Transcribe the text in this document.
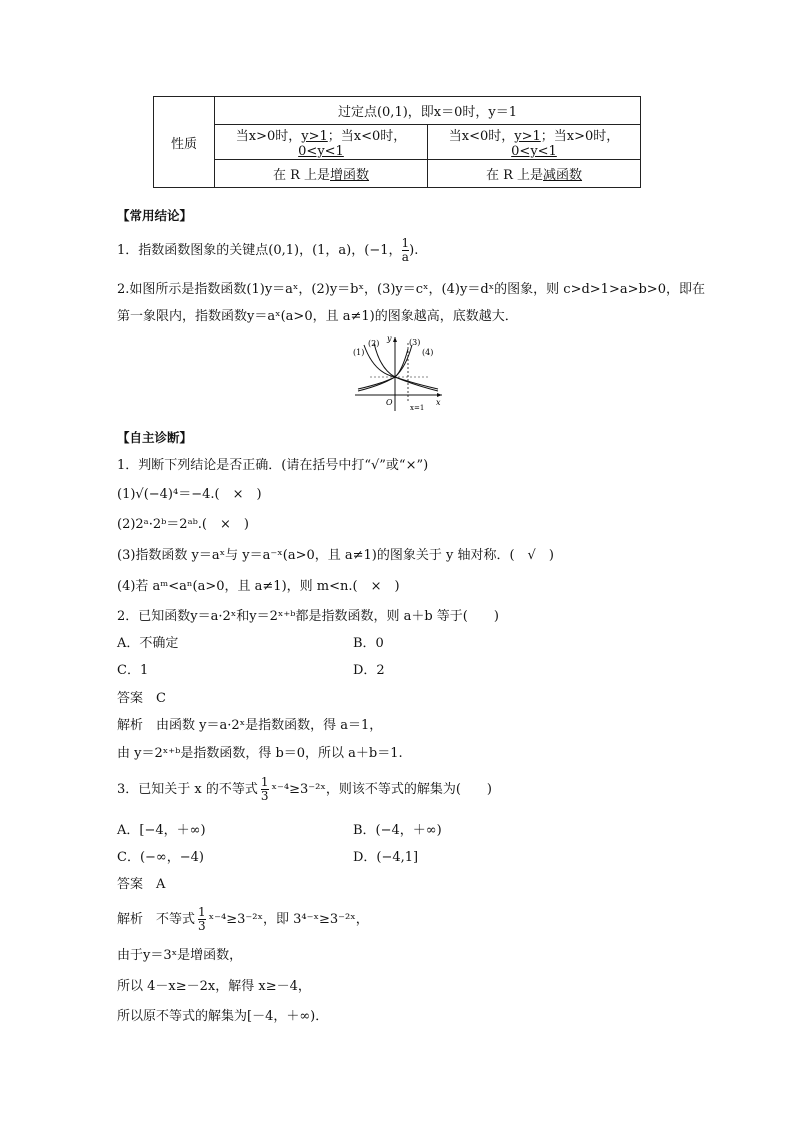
性质	过定点(0,1)，即x＝0时，y＝1	
	当x>0时，y>1；当x<0时，0<y<1	当x<0时，y>1；当x>0时，0<y<1
	在 R 上是增函数	在 R 上是减函数
【常用结论】
1．指数函数图象的关键点(0,1)，(1，a)，(−1， $\frac{1}{a}$ ).
2.如图所示是指数函数(1)y＝aˣ，(2)y＝bˣ，(3)y＝cˣ，(4)y＝dˣ的图象，则 c>d>1>a>b>0，即在
第一象限内，指数函数y＝aˣ(a>0，且 a≠1)的图象越高，底数越大．
(1)
(2)	(3)
(4)
y
x
O
x=1
【自主诊断】
1．判断下列结论是否正确．(请在括号中打“√”或“×”)
(1)√(−4)⁴＝−4.(　×　)
(2)2ᵃ·2ᵇ＝2ᵃᵇ.(　×　)
(3)指数函数 y＝aˣ与 y＝a⁻ˣ(a>0，且 a≠1)的图象关于 y 轴对称．(　√　)
(4)若 aᵐ<aⁿ(a>0，且 a≠1)，则 m<n.(　×　)
2．已知函数y＝a·2ˣ和y＝2ˣ⁺ᵇ都是指数函数，则 a＋b 等于(　　)
A．不确定	B．0
C．1	D．2
答案　C
解析　由函数 y＝a·2ˣ是指数函数，得 a＝1，
由 y＝2ˣ⁺ᵇ是指数函数，得 b＝0，所以 a＋b＝1.
3．已知关于 x 的不等式 $\frac{1}{3}$ ˣ⁻⁴≥3⁻²ˣ，则该不等式的解集为(　　)
A．[−4，＋∞)	B．(−4，＋∞)
C．(−∞，−4)	D．(−4,1]
答案　A
解析　不等式 $\frac{1}{3}$ ˣ⁻⁴≥3⁻²ˣ，即 3⁴⁻ˣ≥3⁻²ˣ，
由于y＝3ˣ是增函数，
所以 4－x≥－2x，解得 x≥－4，
所以原不等式的解集为[－4，＋∞)．
